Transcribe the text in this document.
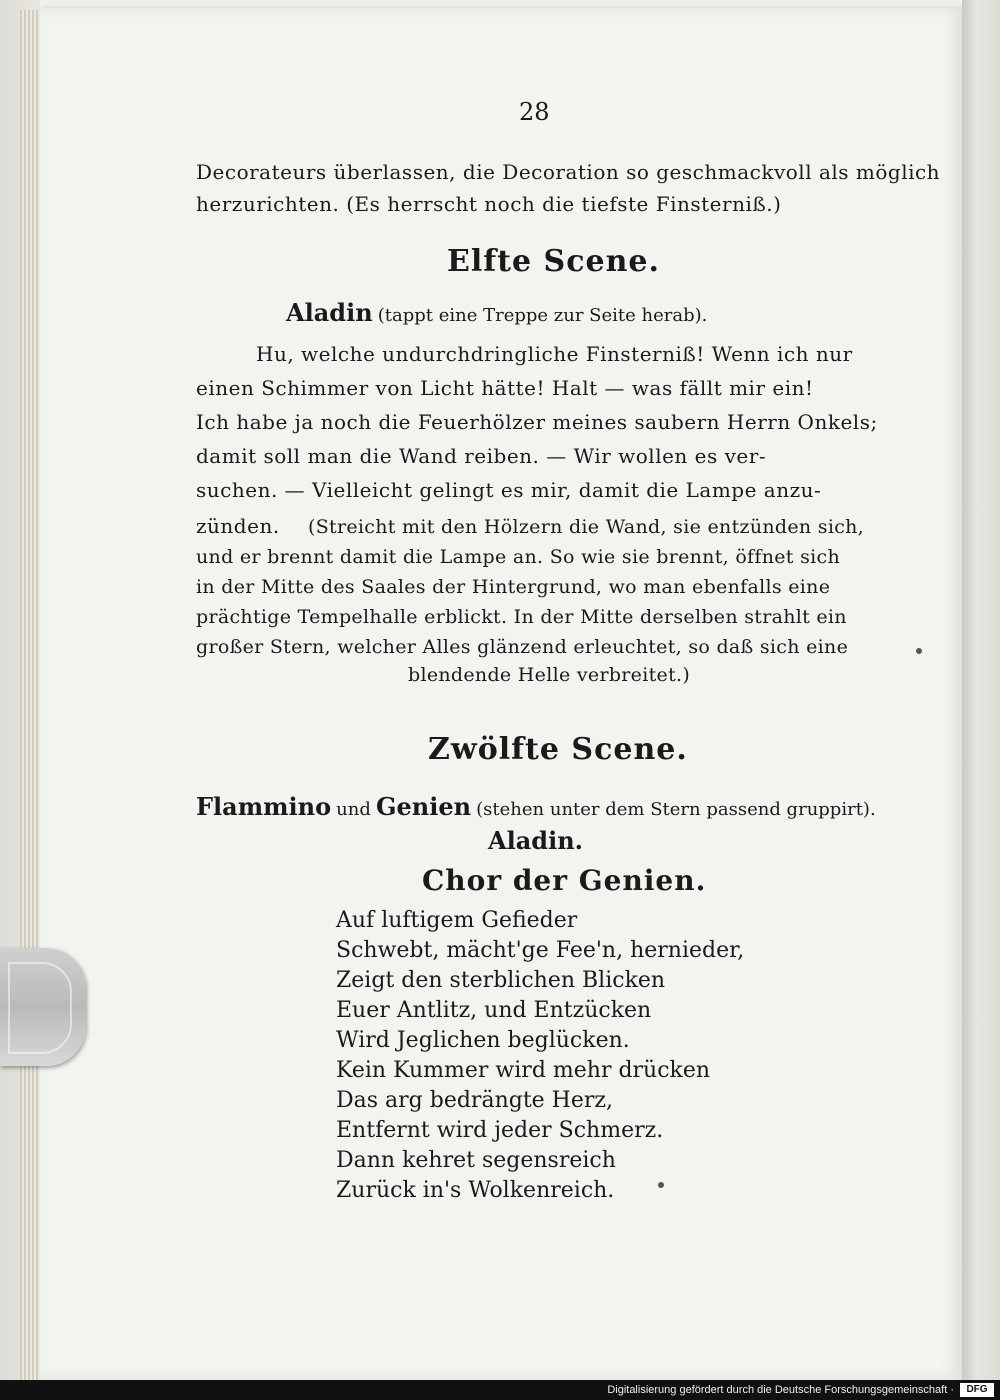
28
Decorateurs überlassen, die Decoration so geschmackvoll als möglich
herzurichten. (Es herrscht noch die tiefste Finsterniß.)
Elfte Scene.
Aladin (tappt eine Treppe zur Seite herab).
Hu, welche undurchdringliche Finsterniß! Wenn ich nur
einen Schimmer von Licht hätte! Halt — was fällt mir ein!
Ich habe ja noch die Feuerhölzer meines saubern Herrn Onkels;
damit soll man die Wand reiben. — Wir wollen es ver-
suchen. — Vielleicht gelingt es mir, damit die Lampe anzu-
zünden. (Streicht mit den Hölzern die Wand, sie entzünden sich,
und er brennt damit die Lampe an. So wie sie brennt, öffnet sich
in der Mitte des Saales der Hintergrund, wo man ebenfalls eine
prächtige Tempelhalle erblickt. In der Mitte derselben strahlt ein
großer Stern, welcher Alles glänzend erleuchtet, so daß sich eine
blendende Helle verbreitet.)
Zwölfte Scene.
Flammino und Genien (stehen unter dem Stern passend gruppirt).
Aladin.
Chor der Genien.
Auf luftigem Gefieder
Schwebt, mächt'ge Fee'n, hernieder,
Zeigt den sterblichen Blicken
Euer Antlitz, und Entzücken
Wird Jeglichen beglücken.
Kein Kummer wird mehr drücken
Das arg bedrängte Herz,
Entfernt wird jeder Schmerz.
Dann kehret segensreich
Zurück in's Wolkenreich.
Digitalisierung gefördert durch die Deutsche Forschungsgemeinschaft ·	DFG
